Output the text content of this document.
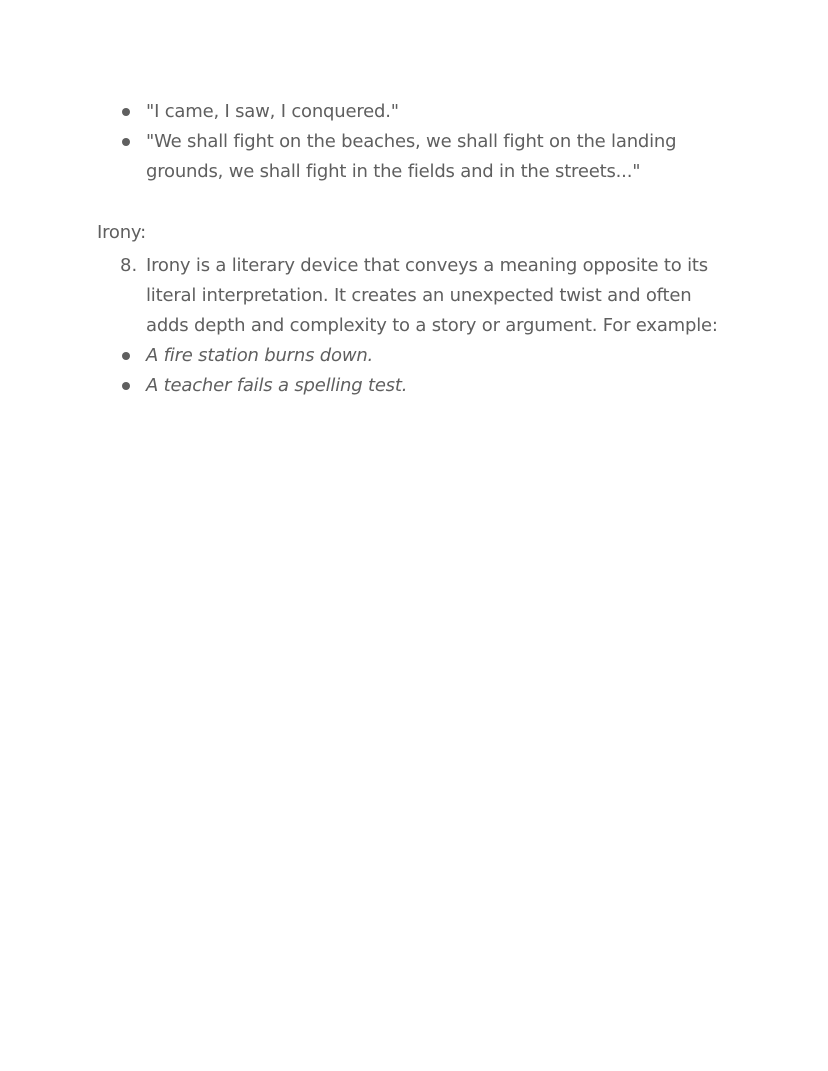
"I came, I saw, I conquered."
"We shall fight on the beaches, we shall fight on the landing
grounds, we shall fight in the fields and in the streets..."
Irony:
8. Irony is a literary device that conveys a meaning opposite to its
literal interpretation. It creates an unexpected twist and often
adds depth and complexity to a story or argument. For example:
A fire station burns down.
A teacher fails a spelling test.
